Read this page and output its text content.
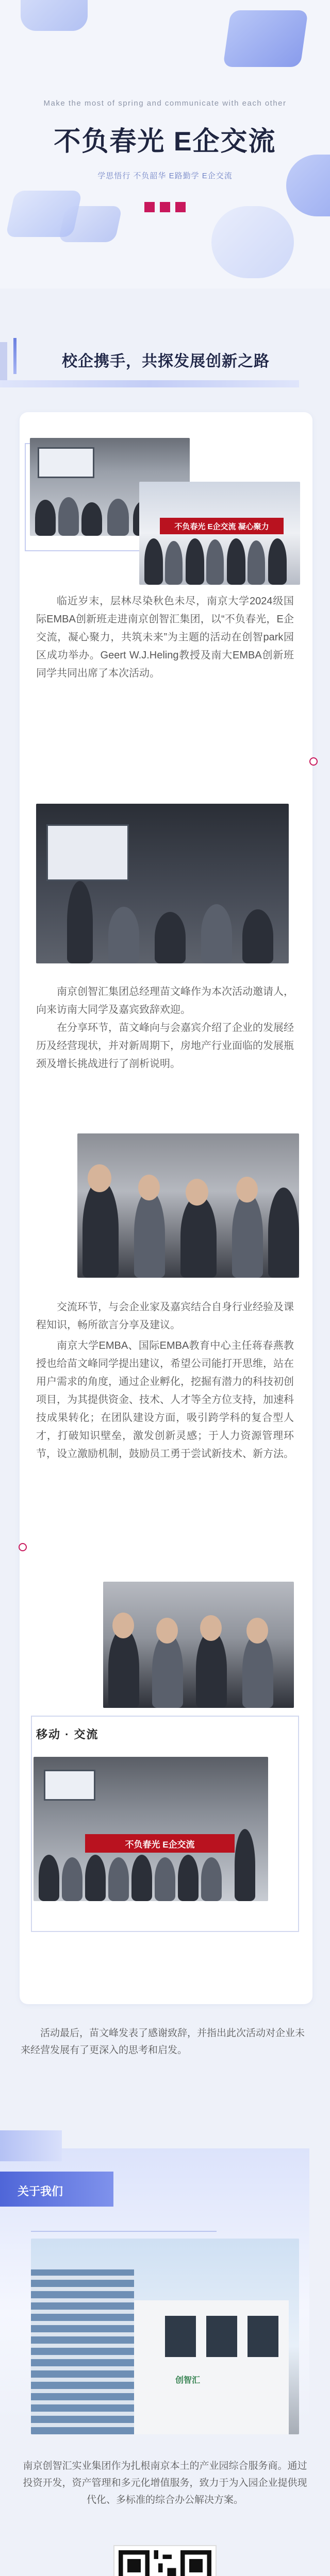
Make the most of spring and communicate with each other
不负春光 E企交流
学思悟行 不负韶华 E路勤学 E企交流
校企携手，共探发展创新之路
不负春光 E企交流 凝心聚力
临近岁末，层林尽染秋色未尽，南京大学2024级国际EMBA创新班走进南京创智汇集团，以“不负春光，E企交流，凝心聚力，共筑未来”为主题的活动在创智park园区成功举办。Geert W.J.Heling教授及南大EMBA创新班同学共同出席了本次活动。
南京创智汇集团总经理苗文峰作为本次活动邀请人，向来访南大同学及嘉宾致辞欢迎。
在分享环节，苗文峰向与会嘉宾介绍了企业的发展经历及经营现状，并对新周期下，房地产行业面临的发展瓶颈及增长挑战进行了剖析说明。
交流环节，与会企业家及嘉宾结合自身行业经验及课程知识，畅所欲言分享及建议。
南京大学EMBA、国际EMBA教育中心主任蒋春燕教授也给苗文峰同学提出建议，希望公司能打开思维，站在用户需求的角度，通过企业孵化，挖掘有潜力的科技初创项目，为其提供资金、技术、人才等全方位支持，加速科技成果转化；在团队建设方面，吸引跨学科的复合型人才，打破知识壁垒，激发创新灵感；于人力资源管理环节，设立激励机制，鼓励员工勇于尝试新技术、新方法。
移动 · 交流
不负春光 E企交流
活动最后，苗文峰发表了感谢致辞，并指出此次活动对企业未来经营发展有了更深入的思考和启发。
关于我们
创智汇
南京创智汇实业集团作为扎根南京本土的产业园综合服务商。通过投资开发，资产管理和多元化增值服务，致力于为入园企业提供现代化、多标准的综合办公解决方案。
